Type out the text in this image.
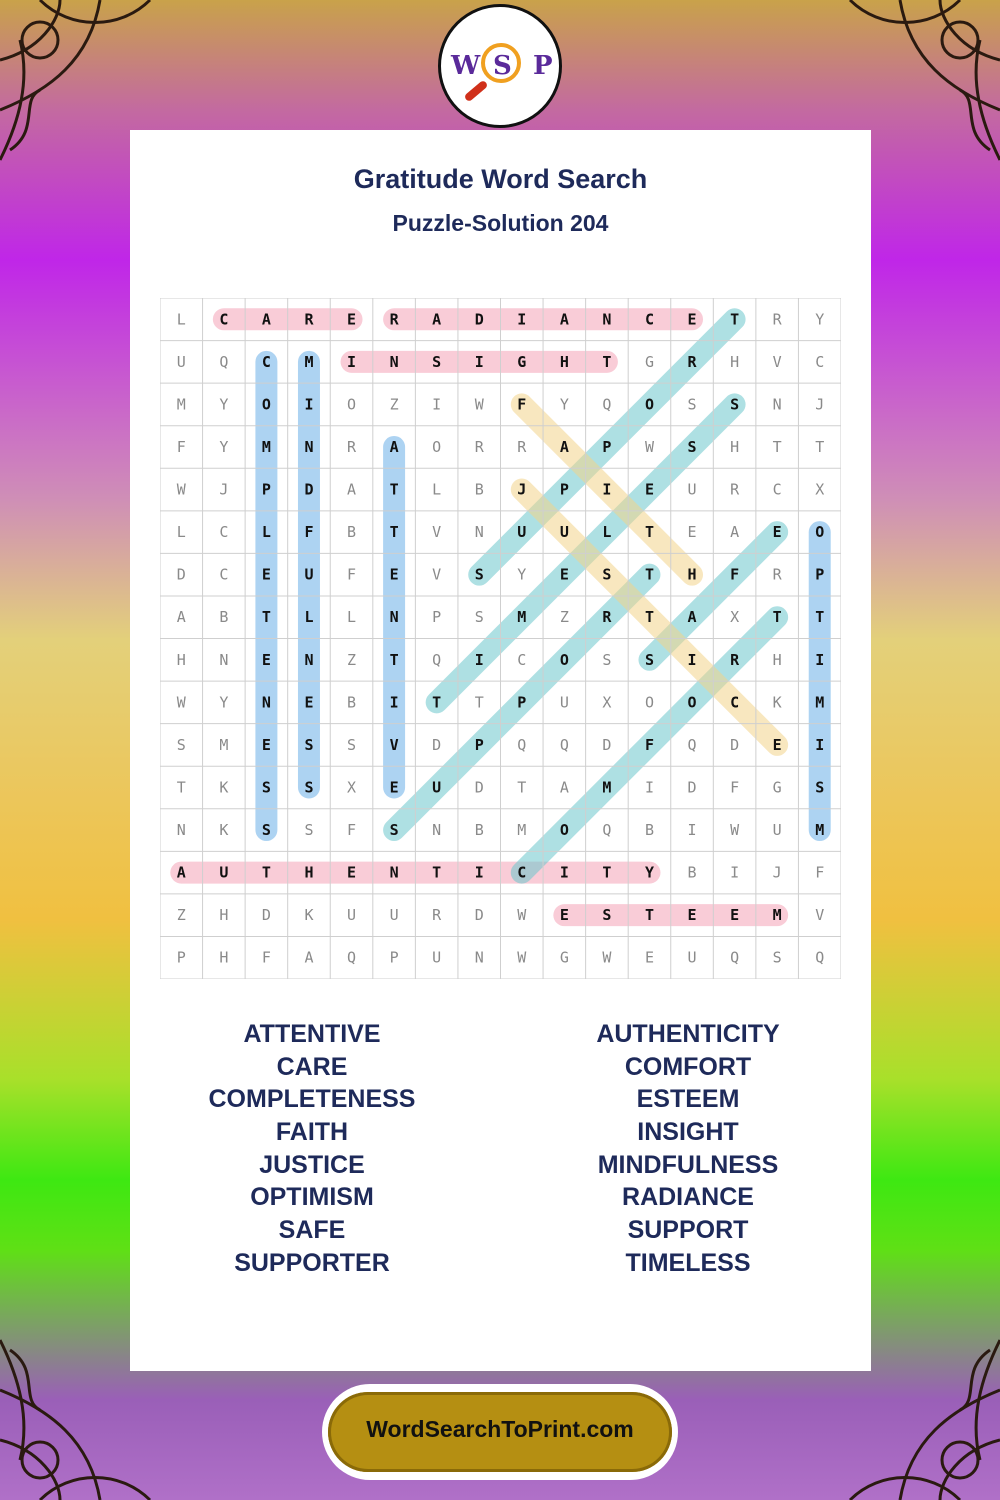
W S P
Gratitude Word Search
Puzzle-Solution 204
L C A R E R A D I A N C E T R Y
U Q C M I N S I G H T G R H V C
M Y O I O Z I W F Y Q O S S N J
F Y M N R A O R R A P W S H T T
W J P D A T L B J P I E U R C X
L C L F B T V N U U L T E A E O
D C E U F E V S Y E S T H F R P
A B T L L N P S M Z R T A X T T
H N E N Z T Q I C O S S I R H I
W Y N E B I T T P U X O O C K M
S M E S S V D P Q Q D F Q D E I
T K S S X E U D T A M I D F G S
N K S S F S N B M O Q B I W U M
A U T H E N T I C I T Y B I J F
Z H D K U U R D W E S T E E M V
P H F A Q P U N W G W E U Q S Q
ATTENTIVE
CARE
COMPLETENESS
FAITH
JUSTICE
OPTIMISM
SAFE
SUPPORTER
AUTHENTICITY
COMFORT
ESTEEM
INSIGHT
MINDFULNESS
RADIANCE
SUPPORT
TIMELESS
WordSearchToPrint.com
